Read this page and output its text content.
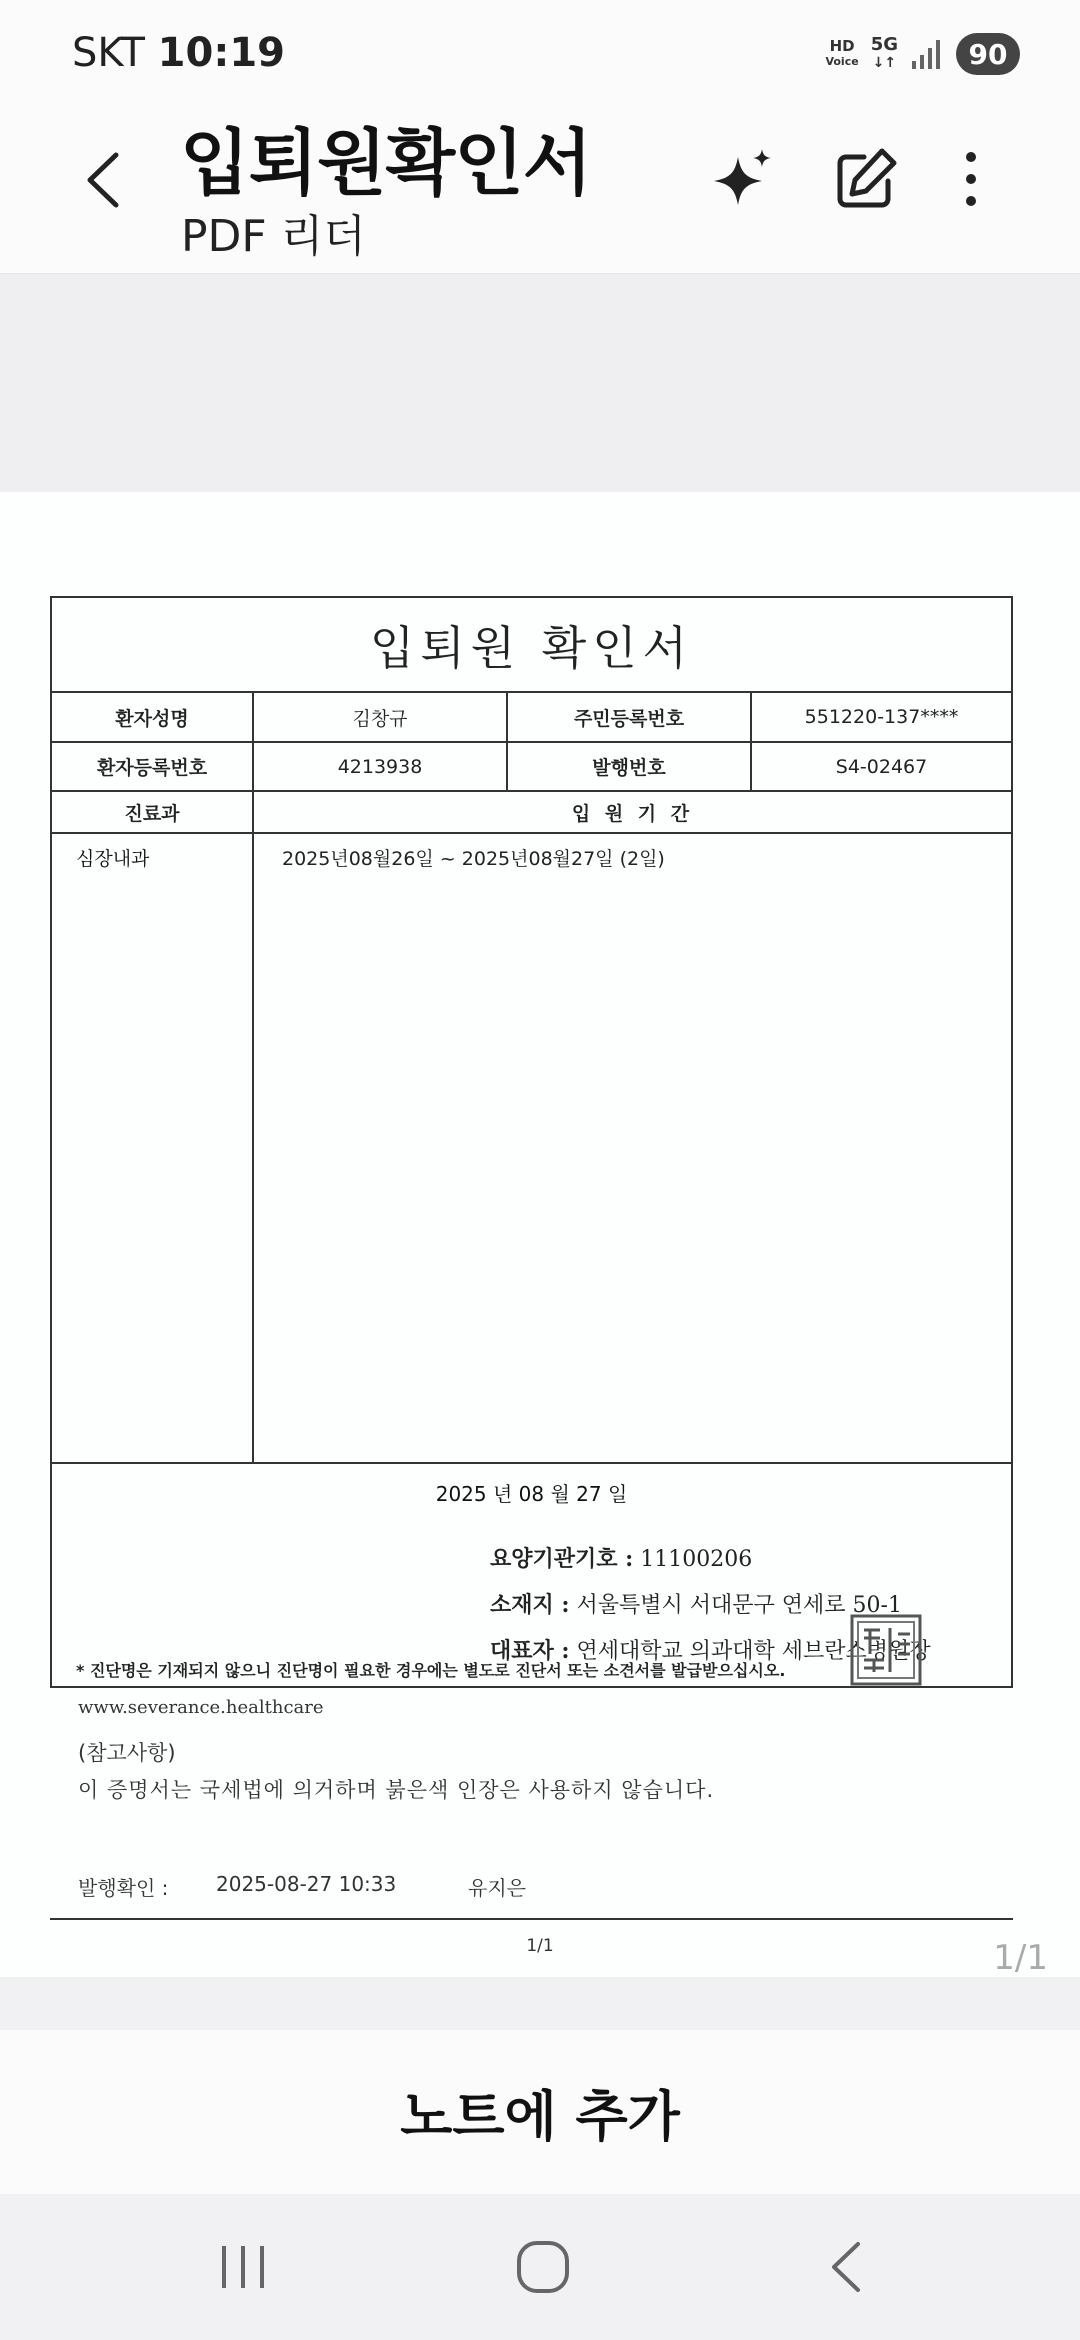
SKT 10:19	HD
Voice
5G
↓↑	90
입퇴원확인서
PDF 리더
입퇴원 확인서
환자성명	김창규	주민등록번호	551220-137****
환자등록번호	4213938	발행번호	S4-02467
진료과	입 원 기 간
심장내과	2025년08월26일 ~ 2025년08월27일 (2일)
2025 년 08 월 27 일
요양기관기호 : 11100206
소재지 : 서울특별시 서대문구 연세로 50-1
대표자 : 연세대학교 의과대학 세브란스병원장
* 진단명은 기재되지 않으니 진단명이 필요한 경우에는 별도로 진단서 또는 소견서를 발급받으십시오.
www.severance.healthcare
(참고사항)
이 증명서는 국세법에 의거하며 붉은색 인장은 사용하지 않습니다.
발행확인 : 2025-08-27 10:33	유지은
1/1	1/1
노트에 추가
